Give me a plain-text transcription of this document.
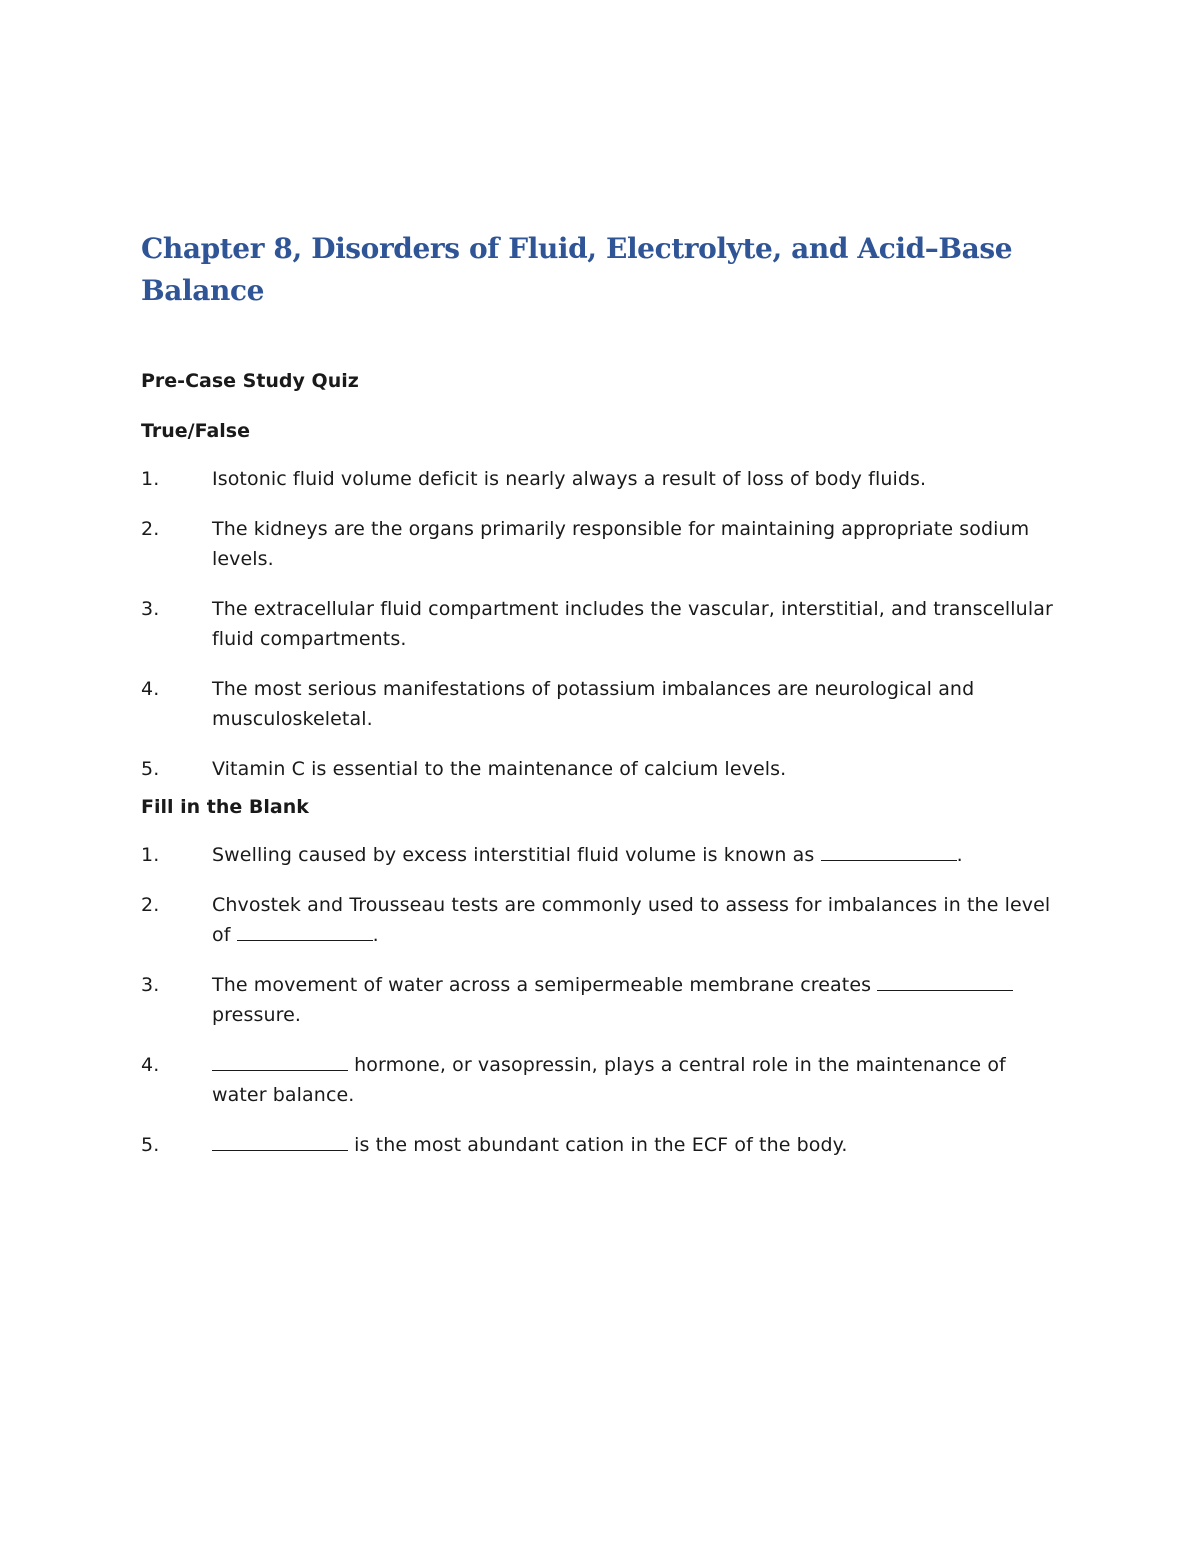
Chapter 8, Disorders of Fluid, Electrolyte, and Acid–Base Balance
Pre-Case Study Quiz
True/False
1.	Isotonic fluid volume deficit is nearly always a result of loss of body fluids.
2.	The kidneys are the organs primarily responsible for maintaining appropriate sodium levels.
3.	The extracellular fluid compartment includes the vascular, interstitial, and transcellular fluid compartments.
4.	The most serious manifestations of potassium imbalances are neurological and musculoskeletal.
5.	Vitamin C is essential to the maintenance of calcium levels.
Fill in the Blank
1.	Swelling caused by excess interstitial fluid volume is known as	.
2.	Chvostek and Trousseau tests are commonly used to assess for imbalances in the level of	.
3.	The movement of water across a semipermeable membrane creates  pressure.
4.	hormone, or vasopressin, plays a central role in the maintenance of water balance.
5.	is the most abundant cation in the ECF of the body.
